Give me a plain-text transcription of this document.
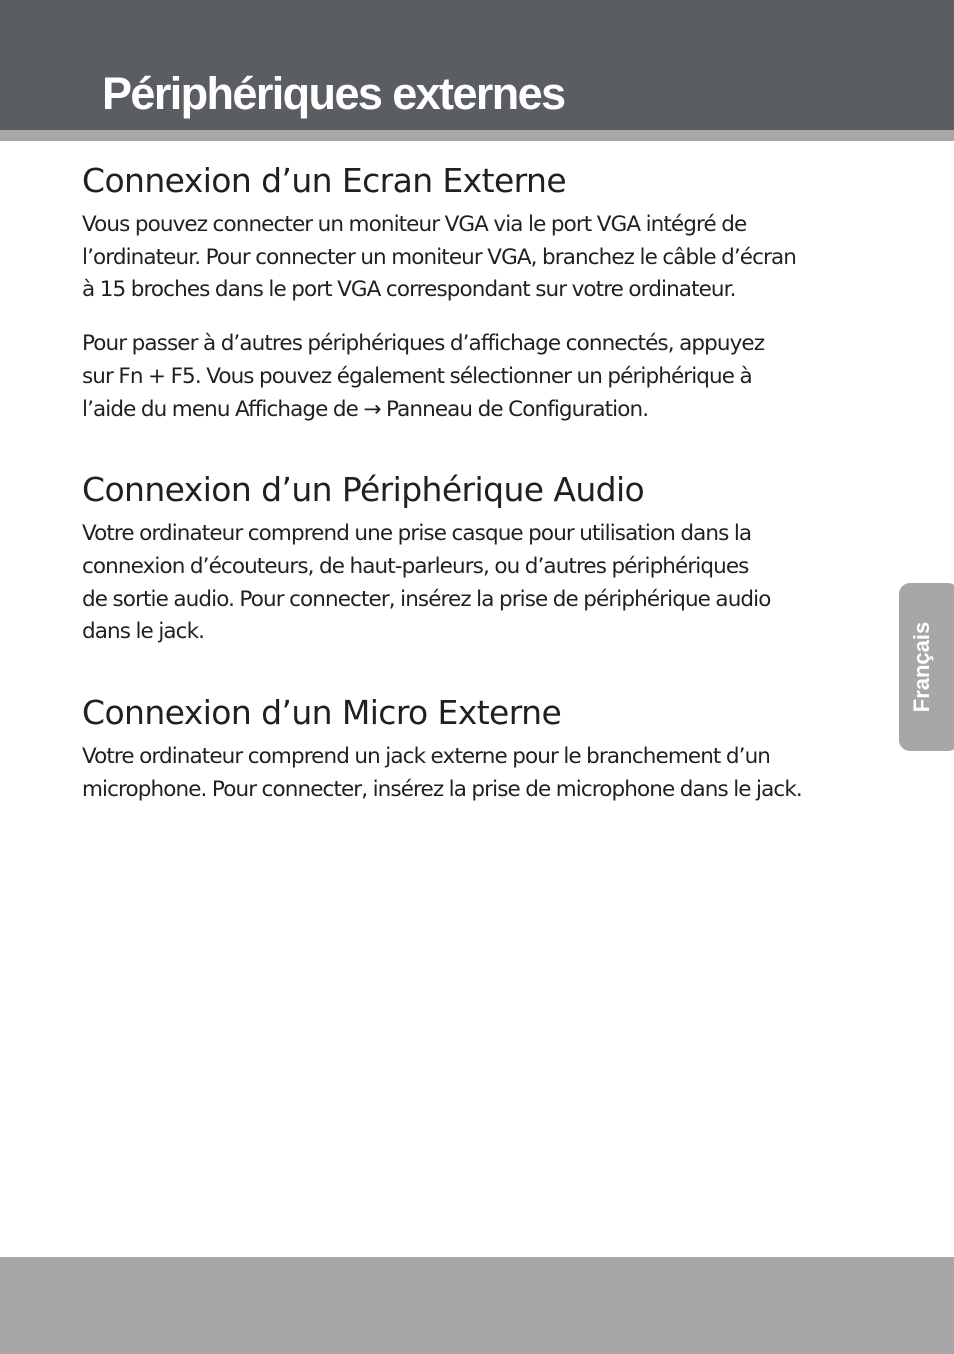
Périphériques externes
Connexion d’un Ecran Externe

Vous pouvez connecter un moniteur VGA via le port VGA intégré de
l’ordinateur. Pour connecter un moniteur VGA, branchez le câble d’écran
à 15 broches dans le port VGA correspondant sur votre ordinateur.

Pour passer à d’autres périphériques d’affichage connectés, appuyez
sur Fn + F5. Vous pouvez également sélectionner un périphérique à
l’aide du menu Affichage de → Panneau de Configuration.

Connexion d’un Périphérique Audio

Votre ordinateur comprend une prise casque pour utilisation dans la
connexion d’écouteurs, de haut-parleurs, ou d’autres périphériques
de sortie audio. Pour connecter, insérez la prise de périphérique audio
dans le jack.

Connexion d’un Micro Externe

Votre ordinateur comprend un jack externe pour le branchement d’un
microphone. Pour connecter, insérez la prise de microphone dans le jack.

Français
